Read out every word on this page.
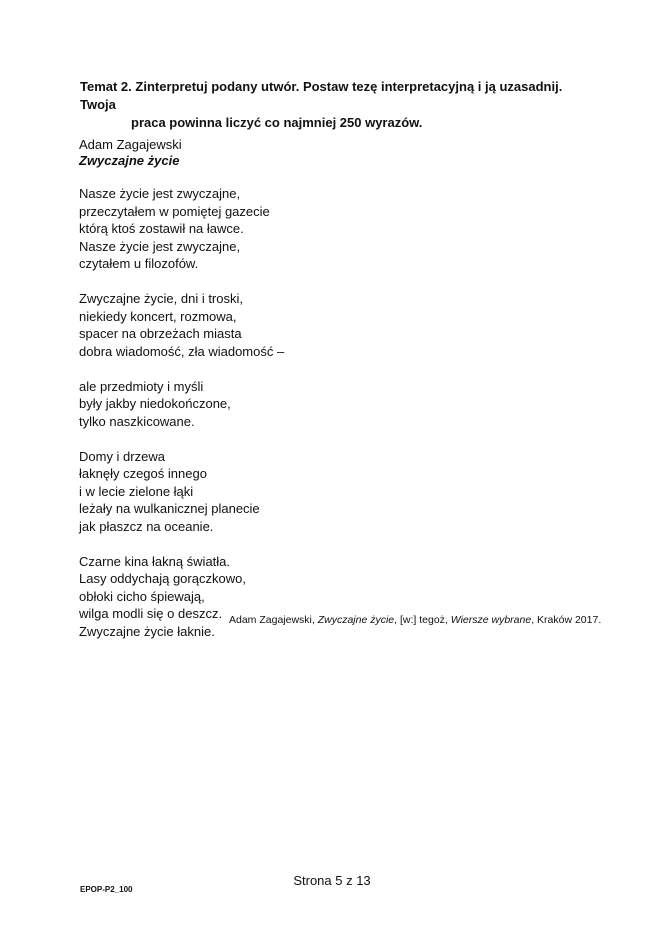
Temat 2. Zinterpretuj podany utwór. Postaw tezę interpretacyjną i ją uzasadnij. Twoja
praca powinna liczyć co najmniej 250 wyrazów.
Adam Zagajewski
Zwyczajne życie
Nasze życie jest zwyczajne,
przeczytałem w pomiętej gazecie
którą ktoś zostawił na ławce.
Nasze życie jest zwyczajne,
czytałem u filozofów.
Zwyczajne życie, dni i troski,
niekiedy koncert, rozmowa,
spacer na obrzeżach miasta
dobra wiadomość, zła wiadomość –
ale przedmioty i myśli
były jakby niedokończone,
tylko naszkicowane.
Domy i drzewa
łaknęły czegoś innego
i w lecie zielone łąki
leżały na wulkanicznej planecie
jak płaszcz na oceanie.
Czarne kina łakną światła.
Lasy oddychają gorączkowo,
obłoki cicho śpiewają,
wilga modli się o deszcz.
Zwyczajne życie łaknie.
Adam Zagajewski, Zwyczajne życie, [w:] tegoż, Wiersze wybrane, Kraków 2017.
Strona 5 z 13
EPOP-P2_100
